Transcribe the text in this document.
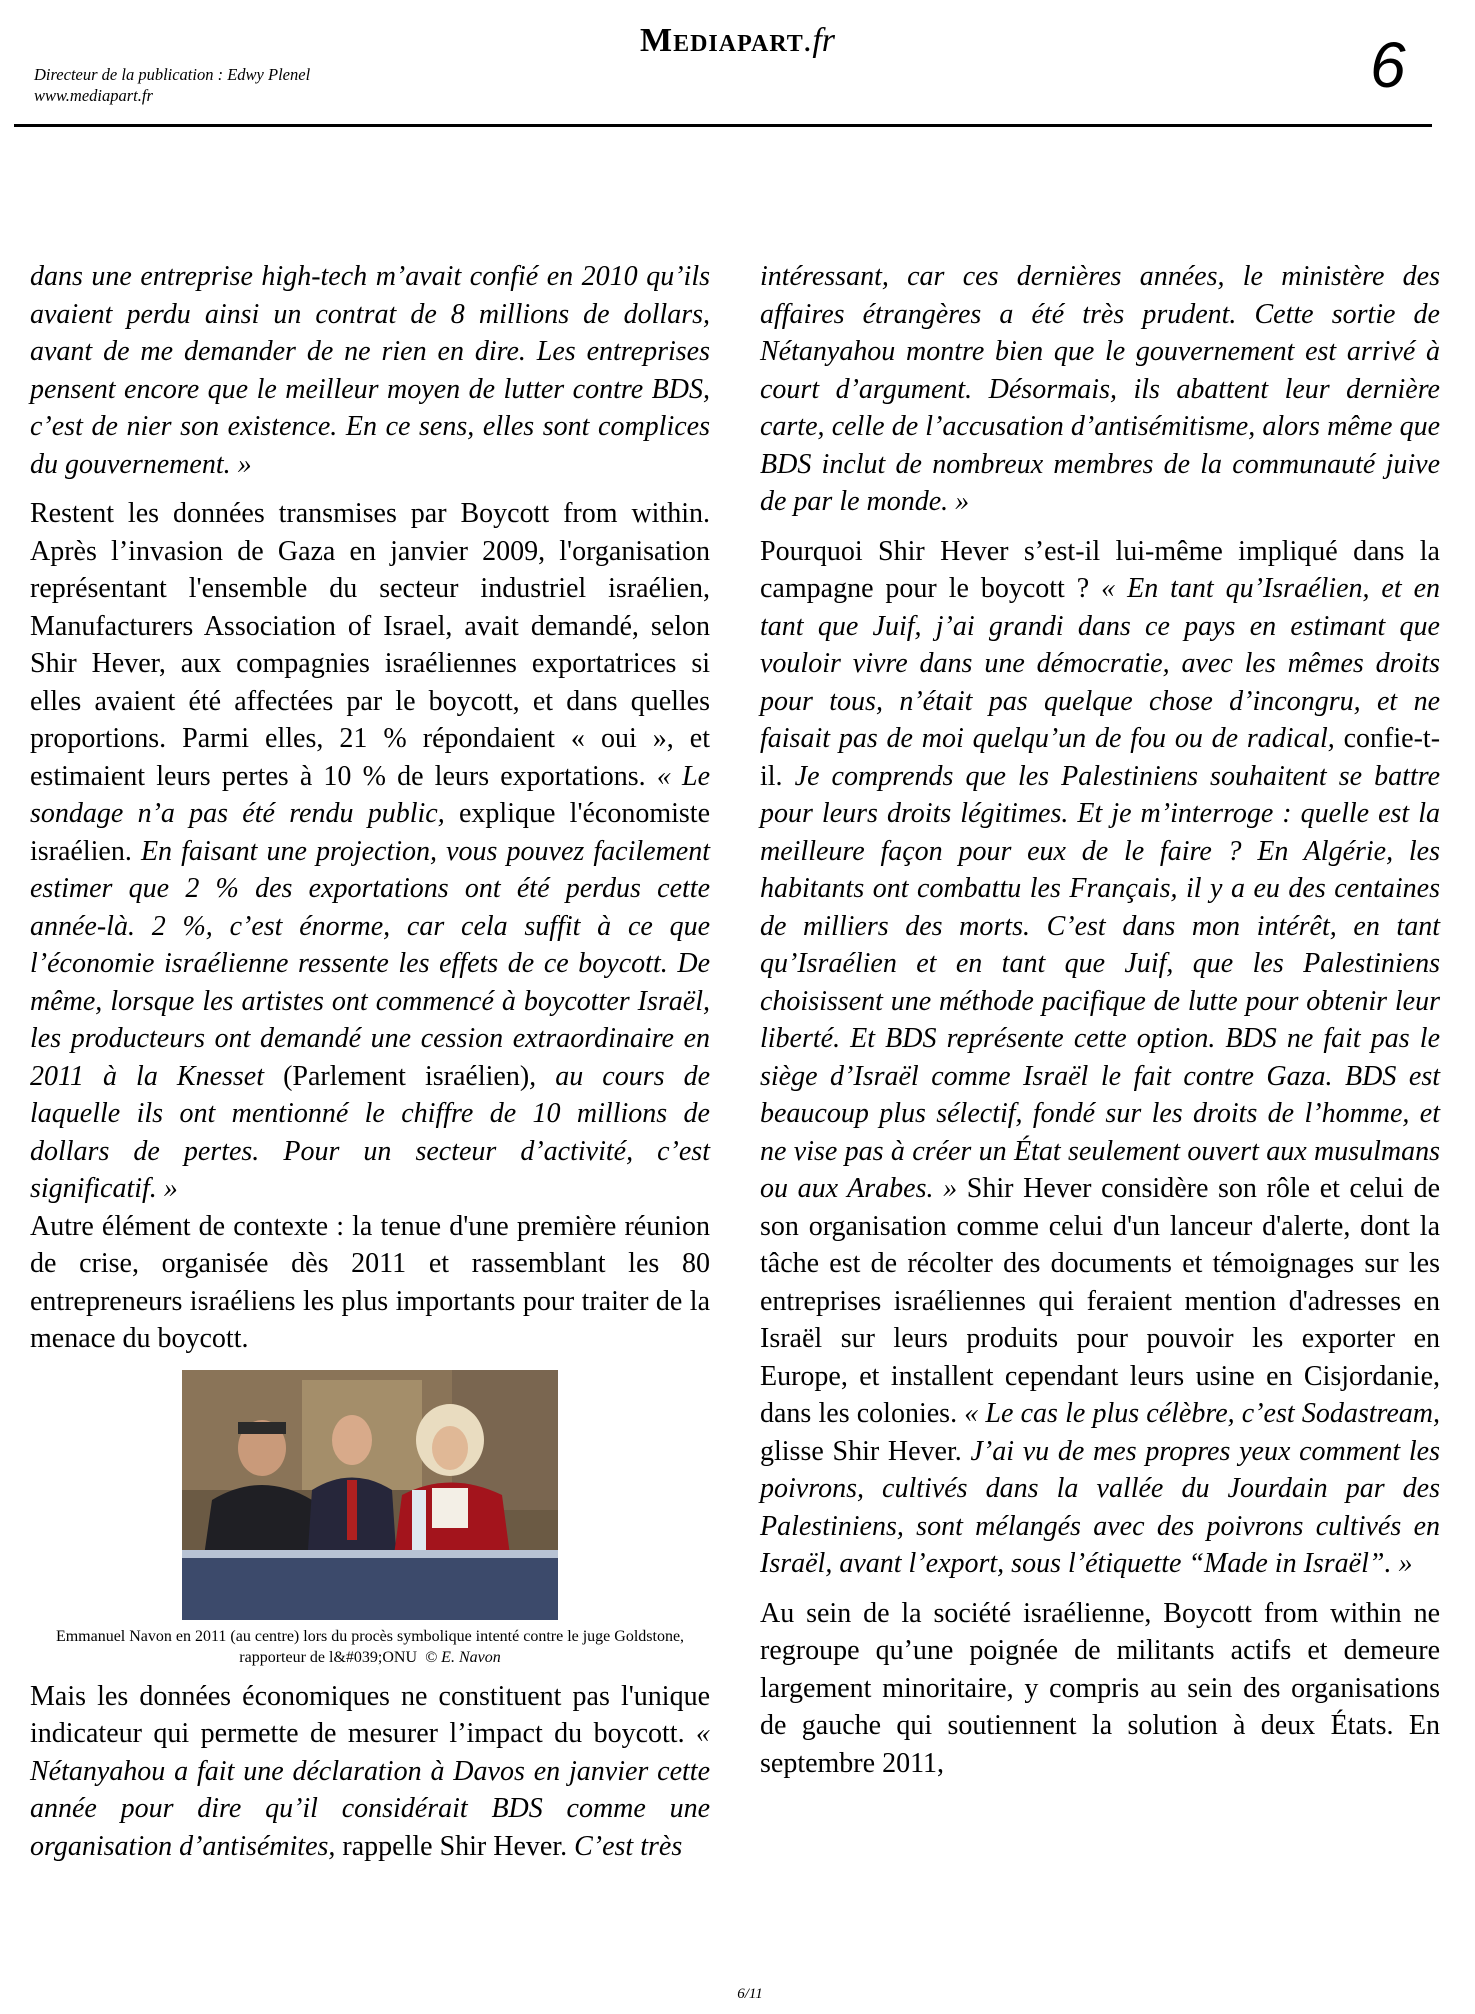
Directeur de la publication : Edwy Plenel
www.mediapart.fr
Mediapart.fr	6

dans une entreprise high-tech m’avait confié en 2010 qu’ils avaient perdu ainsi un contrat de 8 millions de dollars, avant de me demander de ne rien en dire. Les entreprises pensent encore que le meilleur moyen de lutter contre BDS, c’est de nier son existence. En ce sens, elles sont complices du gouvernement. »

Restent les données transmises par Boycott from within. Après l’invasion de Gaza en janvier 2009, l'organisation représentant l'ensemble du secteur industriel israélien, Manufacturers Association of Israel, avait demandé, selon Shir Hever, aux compagnies israéliennes exportatrices si elles avaient été affectées par le boycott, et dans quelles proportions. Parmi elles, 21 % répondaient « oui », et estimaient leurs pertes à 10 % de leurs exportations. « Le sondage n’a pas été rendu public, explique l'économiste israélien. En faisant une projection, vous pouvez facilement estimer que 2 % des exportations ont été perdus cette année-là. 2 %, c’est énorme, car cela suffit à ce que l’économie israélienne ressente les effets de ce boycott. De même, lorsque les artistes ont commencé à boycotter Israël, les producteurs ont demandé une cession extraordinaire en 2011 à la Knesset (Parlement israélien), au cours de laquelle ils ont mentionné le chiffre de 10 millions de dollars de pertes. Pour un secteur d’activité, c’est significatif. »

Autre élément de contexte : la tenue d'une première réunion de crise, organisée dès 2011 et rassemblant les 80 entrepreneurs israéliens les plus importants pour traiter de la menace du boycott.

Emmanuel Navon en 2011 (au centre) lors du procès symbolique intenté contre le juge Goldstone, rapporteur de l&#039;ONU © E. Navon

Mais les données économiques ne constituent pas l'unique indicateur qui permette de mesurer l’impact du boycott. « Nétanyahou a fait une déclaration à Davos en janvier cette année pour dire qu’il considérait BDS comme une organisation d’antisémites, rappelle Shir Hever. C’est très

intéressant, car ces dernières années, le ministère des affaires étrangères a été très prudent. Cette sortie de Nétanyahou montre bien que le gouvernement est arrivé à court d’argument. Désormais, ils abattent leur dernière carte, celle de l’accusation d’antisémitisme, alors même que BDS inclut de nombreux membres de la communauté juive de par le monde. »

Pourquoi Shir Hever s’est-il lui-même impliqué dans la campagne pour le boycott ? « En tant qu’Israélien, et en tant que Juif, j’ai grandi dans ce pays en estimant que vouloir vivre dans une démocratie, avec les mêmes droits pour tous, n’était pas quelque chose d’incongru, et ne faisait pas de moi quelqu’un de fou ou de radical, confie-t-il. Je comprends que les Palestiniens souhaitent se battre pour leurs droits légitimes. Et je m’interroge : quelle est la meilleure façon pour eux de le faire ? En Algérie, les habitants ont combattu les Français, il y a eu des centaines de milliers des morts. C’est dans mon intérêt, en tant qu’Israélien et en tant que Juif, que les Palestiniens choisissent une méthode pacifique de lutte pour obtenir leur liberté. Et BDS représente cette option. BDS ne fait pas le siège d’Israël comme Israël le fait contre Gaza. BDS est beaucoup plus sélectif, fondé sur les droits de l’homme, et ne vise pas à créer un État seulement ouvert aux musulmans ou aux Arabes. » Shir Hever considère son rôle et celui de son organisation comme celui d'un lanceur d'alerte, dont la tâche est de récolter des documents et témoignages sur les entreprises israéliennes qui feraient mention d'adresses en Israël sur leurs produits pour pouvoir les exporter en Europe, et installent cependant leurs usine en Cisjordanie, dans les colonies. « Le cas le plus célèbre, c’est Sodastream, glisse Shir Hever. J’ai vu de mes propres yeux comment les poivrons, cultivés dans la vallée du Jourdain par des Palestiniens, sont mélangés avec des poivrons cultivés en Israël, avant l’export, sous l’étiquette “Made in Israël”. »

Au sein de la société israélienne, Boycott from within ne regroupe qu’une poignée de militants actifs et demeure largement minoritaire, y compris au sein des organisations de gauche qui soutiennent la solution à deux États. En septembre 2011,

6/11
